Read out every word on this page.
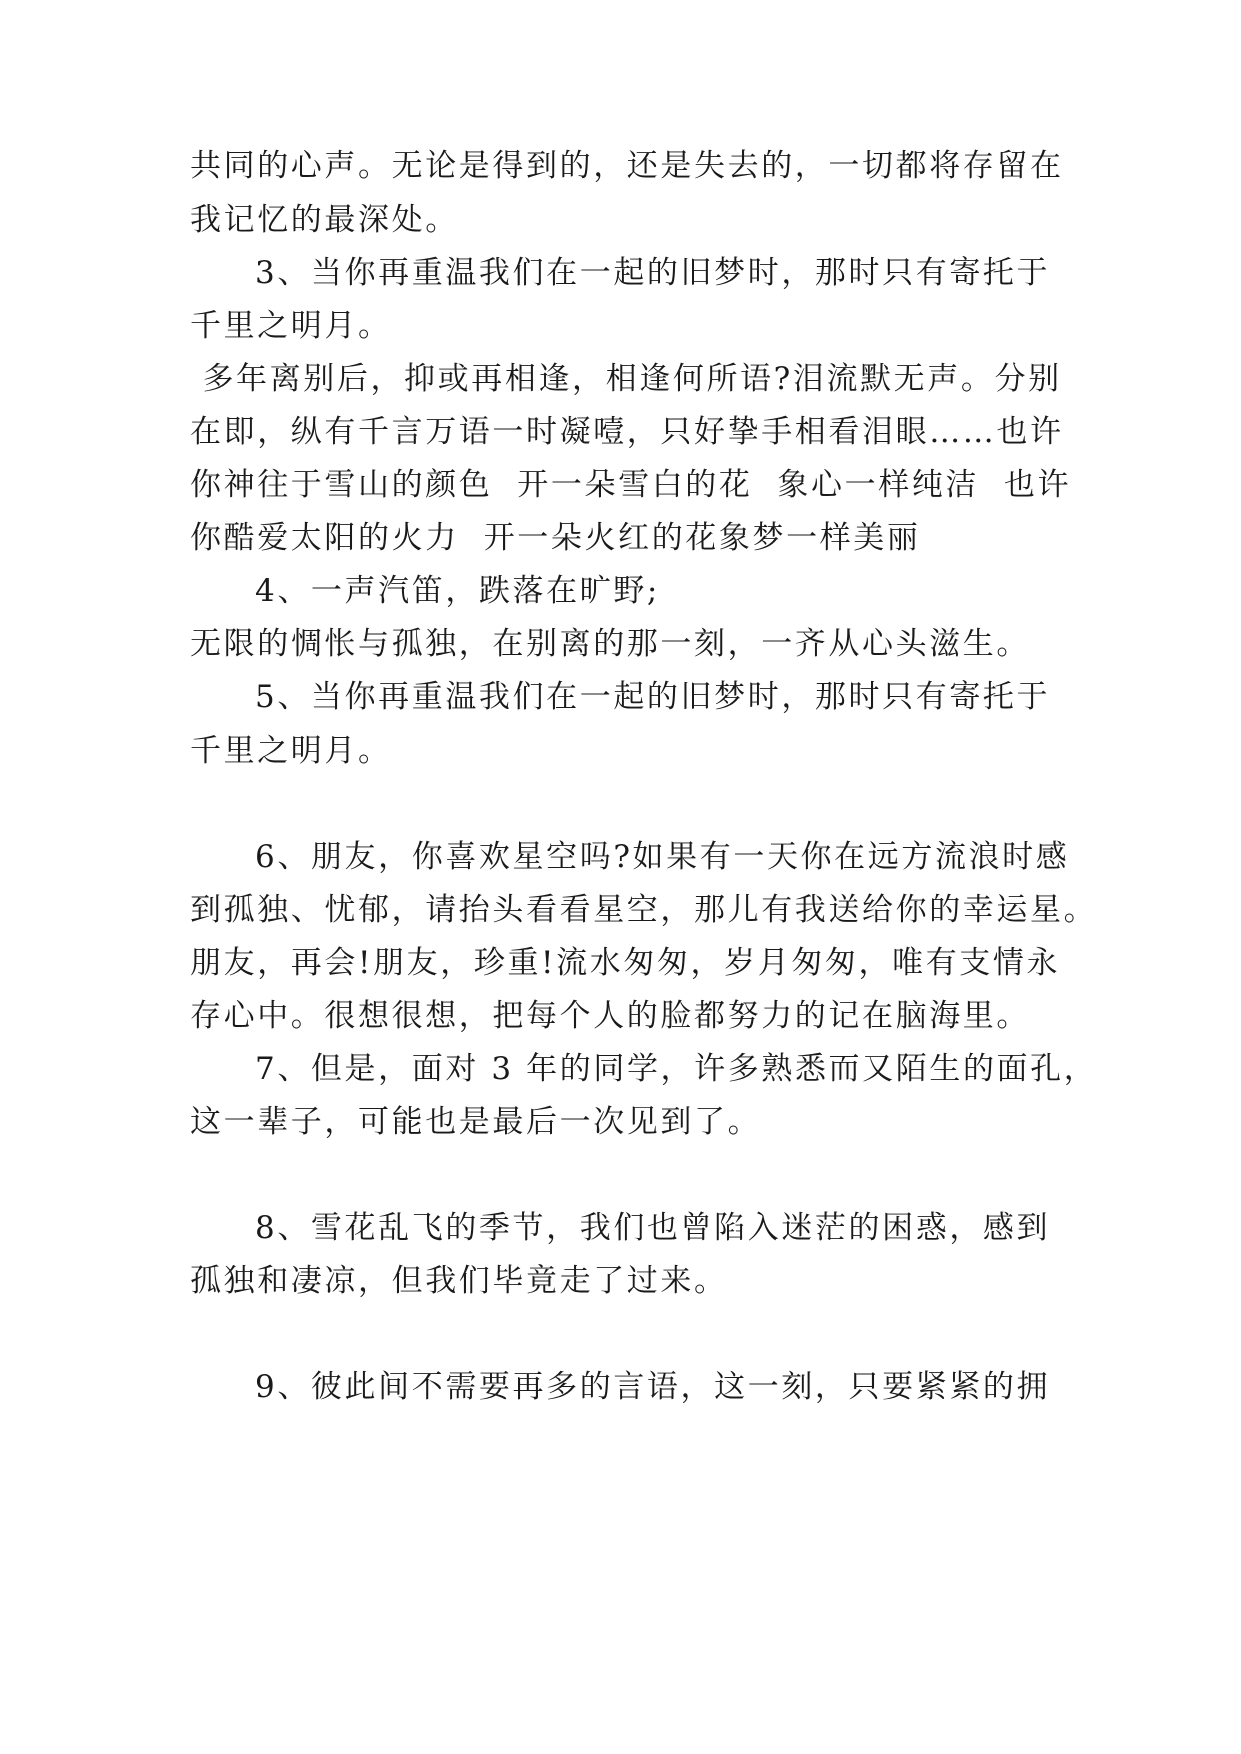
共同的心声。无论是得到的，还是失去的，一切都将存留在
我记忆的最深处。
3、当你再重温我们在一起的旧梦时，那时只有寄托于
千里之明月。
多年离别后，抑或再相逢，相逢何所语?泪流默无声。分别
在即，纵有千言万语一时凝噎，只好挚手相看泪眼……也许
你神往于雪山的颜色  开一朵雪白的花  象心一样纯洁  也许
你酷爱太阳的火力  开一朵火红的花象梦一样美丽
4、一声汽笛，跌落在旷野;
无限的惆怅与孤独，在别离的那一刻，一齐从心头滋生。
5、当你再重温我们在一起的旧梦时，那时只有寄托于
千里之明月。
6、朋友，你喜欢星空吗?如果有一天你在远方流浪时感
到孤独、忧郁，请抬头看看星空，那儿有我送给你的幸运星。
朋友，再会!朋友，珍重!流水匆匆，岁月匆匆，唯有支情永
存心中。很想很想，把每个人的脸都努力的记在脑海里。
7、但是，面对 3 年的同学，许多熟悉而又陌生的面孔，
这一辈子，可能也是最后一次见到了。
8、雪花乱飞的季节，我们也曾陷入迷茫的困惑，感到
孤独和凄凉，但我们毕竟走了过来。
9、彼此间不需要再多的言语，这一刻，只要紧紧的拥
